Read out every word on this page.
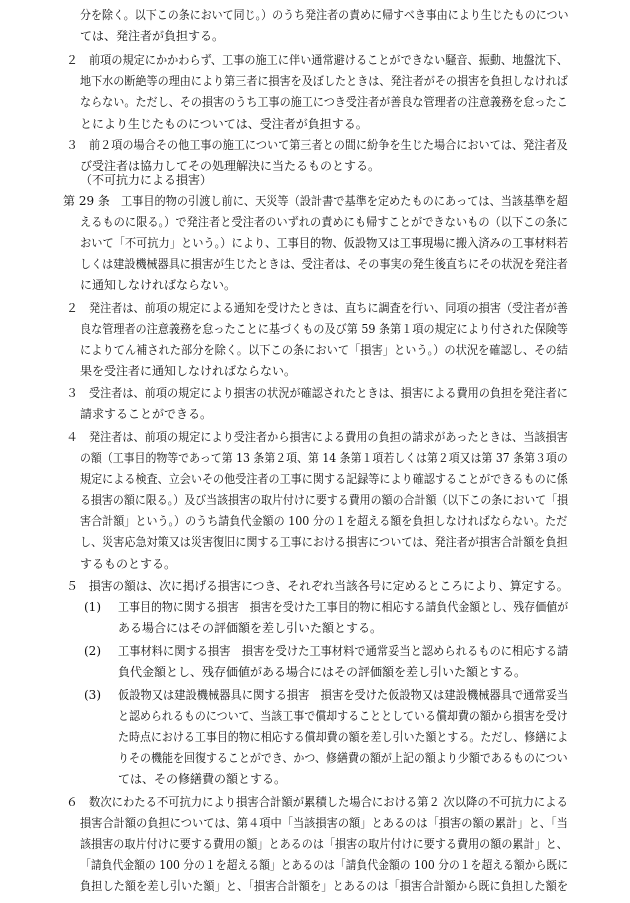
分を除く。以下この条において同じ。）のうち発注者の責めに帰すべき事由により生じたものについ

ては、発注者が負担する。

２ 前項の規定にかかわらず、工事の施工に伴い通常避けることができない騒音、振動、地盤沈下、

地下水の断絶等の理由により第三者に損害を及ぼしたときは、発注者がその損害を負担しなければ

ならない。ただし、その損害のうち工事の施工につき受注者が善良な管理者の注意義務を怠ったこ

とにより生じたものについては、受注者が負担する。

３ 前２項の場合その他工事の施工について第三者との間に紛争を生じた場合においては、発注者及

び受注者は協力してその処理解決に当たるものとする。

（不可抗力による損害）

第 29 条 工事目的物の引渡し前に、天災等（設計書で基準を定めたものにあっては、当該基準を超

えるものに限る。）で発注者と受注者のいずれの責めにも帰すことができないもの（以下この条に

おいて「不可抗力」という。）により、工事目的物、仮設物又は工事現場に搬入済みの工事材料若

しくは建設機械器具に損害が生じたときは、受注者は、その事実の発生後直ちにその状況を発注者

に通知しなければならない。

２ 発注者は、前項の規定による通知を受けたときは、直ちに調査を行い、同項の損害（受注者が善

良な管理者の注意義務を怠ったことに基づくもの及び第 59 条第１項の規定により付された保険等

によりてん補された部分を除く。以下この条において「損害」という。）の状況を確認し、その結

果を受注者に通知しなければならない。

３ 受注者は、前項の規定により損害の状況が確認されたときは、損害による費用の負担を発注者に

請求することができる。

４ 発注者は、前項の規定により受注者から損害による費用の負担の請求があったときは、当該損害

の額（工事目的物等であって第 13 条第２項、第 14 条第１項若しくは第２項又は第 37 条第３項の

規定による検査、立会いその他受注者の工事に関する記録等により確認することができるものに係

る損害の額に限る。）及び当該損害の取片付けに要する費用の額の合計額（以下この条において「損

害合計額」という。）のうち請負代金額の 100 分の１を超える額を負担しなければならない。ただ

し、災害応急対策又は災害復旧に関する工事における損害については、発注者が損害合計額を負担

するものとする。

５ 損害の額は、次に掲げる損害につき、それぞれ当該各号に定めるところにより、算定する。

(1) 工事目的物に関する損害　損害を受けた工事目的物に相応する請負代金額とし、残存価値が

ある場合にはその評価額を差し引いた額とする。

(2) 工事材料に関する損害　損害を受けた工事材料で通常妥当と認められるものに相応する請

負代金額とし、残存価値がある場合にはその評価額を差し引いた額とする。

(3) 仮設物又は建設機械器具に関する損害　損害を受けた仮設物又は建設機械器具で通常妥当

と認められるものについて、当該工事で償却することとしている償却費の額から損害を受け

た時点における工事目的物に相応する償却費の額を差し引いた額とする。ただし、修繕によ

りその機能を回復することができ、かつ、修繕費の額が上記の額より少額であるものについ

ては、その修繕費の額とする。

６ 数次にわたる不可抗力により損害合計額が累積した場合における第２ 次以降の不可抗力による

損害合計額の負担については、第４項中「当該損害の額」とあるのは「損害の額の累計」と、「当

該損害の取片付けに要する費用の額」とあるのは「損害の取片付けに要する費用の額の累計」と、

「請負代金額の 100 分の１を超える額」とあるのは「請負代金額の 100 分の１を超える額から既に

負担した額を差し引いた額」と、「損害合計額を」とあるのは「損害合計額から既に負担した額を
